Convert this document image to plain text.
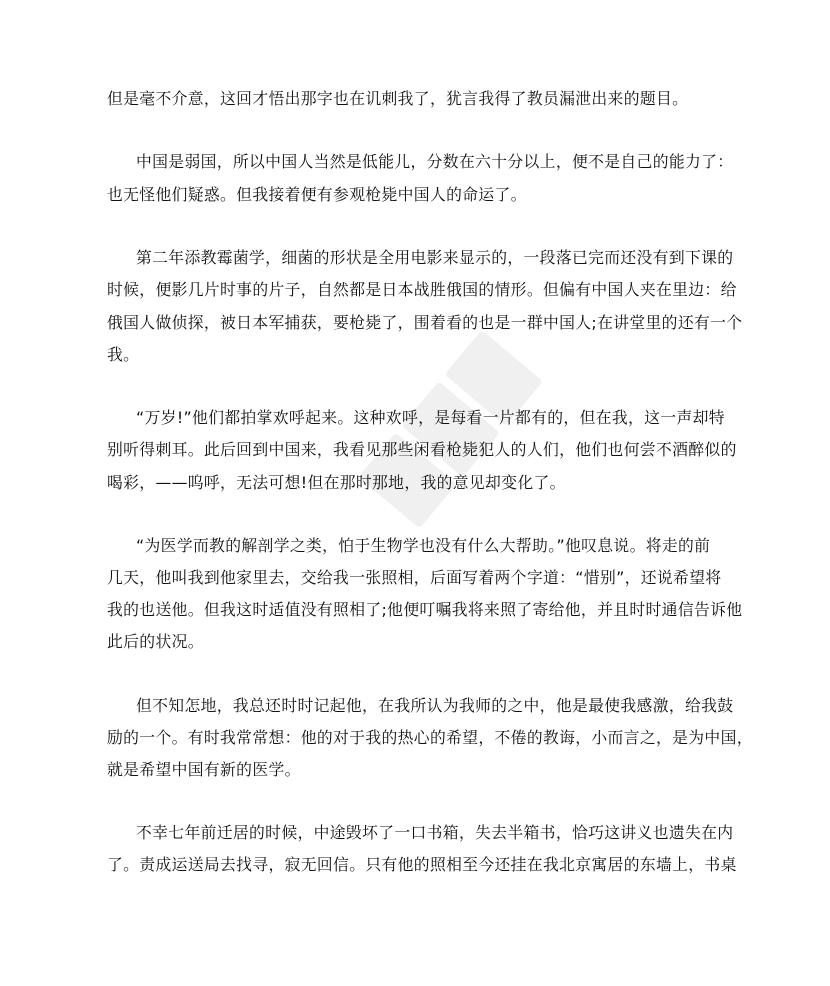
但是毫不介意，这回才悟出那字也在讥刺我了，犹言我得了教员漏泄出来的题目。
中国是弱国，所以中国人当然是低能儿，分数在六十分以上，便不是自己的能力了：
也无怪他们疑惑。但我接着便有参观枪毙中国人的命运了。
第二年添教霉菌学，细菌的形状是全用电影来显示的，一段落已完而还没有到下课的
时候，便影几片时事的片子，自然都是日本战胜俄国的情形。但偏有中国人夹在里边：给
俄国人做侦探，被日本军捕获，要枪毙了，围着看的也是一群中国人;在讲堂里的还有一个
我。
“万岁!”他们都拍掌欢呼起来。这种欢呼，是每看一片都有的，但在我，这一声却特
别听得刺耳。此后回到中国来，我看见那些闲看枪毙犯人的人们，他们也何尝不酒醉似的
喝彩，——呜呼，无法可想!但在那时那地，我的意见却变化了。
“为医学而教的解剖学之类，怕于生物学也没有什么大帮助。”他叹息说。将走的前
几天，他叫我到他家里去，交给我一张照相，后面写着两个字道：“惜别”，还说希望将
我的也送他。但我这时适值没有照相了;他便叮嘱我将来照了寄给他，并且时时通信告诉他
此后的状况。
但不知怎地，我总还时时记起他，在我所认为我师的之中，他是最使我感激，给我鼓
励的一个。有时我常常想：他的对于我的热心的希望，不倦的教诲，小而言之，是为中国，
就是希望中国有新的医学。
不幸七年前迁居的时候，中途毁坏了一口书箱，失去半箱书，恰巧这讲义也遗失在内
了。责成运送局去找寻，寂无回信。只有他的照相至今还挂在我北京寓居的东墙上，书桌
